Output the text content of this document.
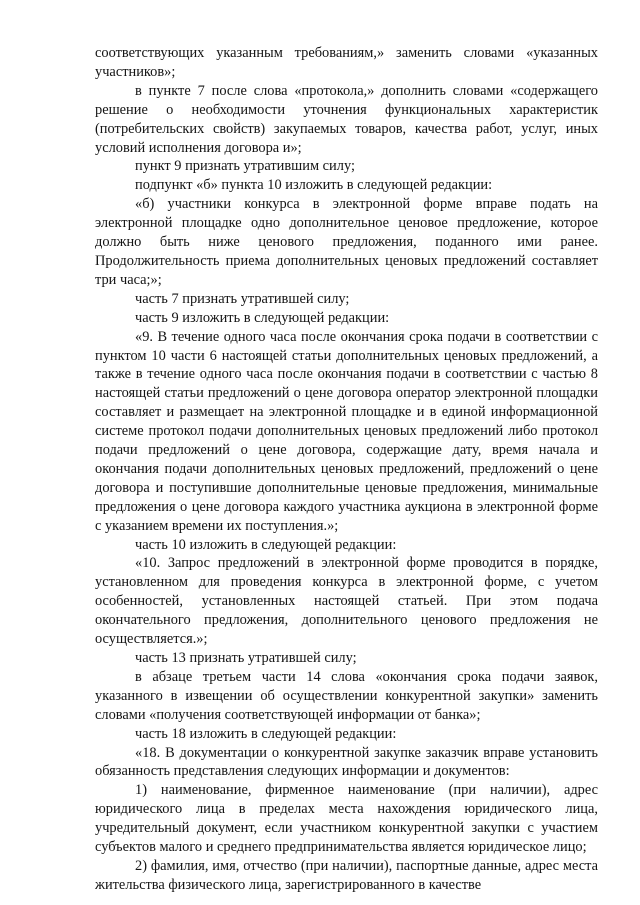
соответствующих указанным требованиям,» заменить словами «указанных участников»;

в пункте 7 после слова «протокола,» дополнить словами «содержащего решение о необходимости уточнения функциональных характеристик (потребительских свойств) закупаемых товаров, качества работ, услуг, иных условий исполнения договора и»;

пункт 9 признать утратившим силу;

подпункт «б» пункта 10 изложить в следующей редакции:

«б) участники конкурса в электронной форме вправе подать на электронной площадке одно дополнительное ценовое предложение, которое должно быть ниже ценового предложения, поданного ими ранее. Продолжительность приема дополнительных ценовых предложений составляет три часа;»;

часть 7 признать утратившей силу;

часть 9 изложить в следующей редакции:

«9. В течение одного часа после окончания срока подачи в соответствии с пунктом 10 части 6 настоящей статьи дополнительных ценовых предложений, а также в течение одного часа после окончания подачи в соответствии с частью 8 настоящей статьи предложений о цене договора оператор электронной площадки составляет и размещает на электронной площадке и в единой информационной системе протокол подачи дополнительных ценовых предложений либо протокол подачи предложений о цене договора, содержащие дату, время начала и окончания подачи дополнительных ценовых предложений, предложений о цене договора и поступившие дополнительные ценовые предложения, минимальные предложения о цене договора каждого участника аукциона в электронной форме с указанием времени их поступления.»;

часть 10 изложить в следующей редакции:

«10. Запрос предложений в электронной форме проводится в порядке, установленном для проведения конкурса в электронной форме, с учетом особенностей, установленных настоящей статьей. При этом подача окончательного предложения, дополнительного ценового предложения не осуществляется.»;

часть 13 признать утратившей силу;

в абзаце третьем части 14 слова «окончания срока подачи заявок, указанного в извещении об осуществлении конкурентной закупки» заменить словами «получения соответствующей информации от банка»;

часть 18 изложить в следующей редакции:

«18. В документации о конкурентной закупке заказчик вправе установить обязанность представления следующих информации и документов:

1) наименование, фирменное наименование (при наличии), адрес юридического лица в пределах места нахождения юридического лица, учредительный документ, если участником конкурентной закупки с участием субъектов малого и среднего предпринимательства является юридическое лицо;

2) фамилия, имя, отчество (при наличии), паспортные данные, адрес места жительства физического лица, зарегистрированного в качестве
